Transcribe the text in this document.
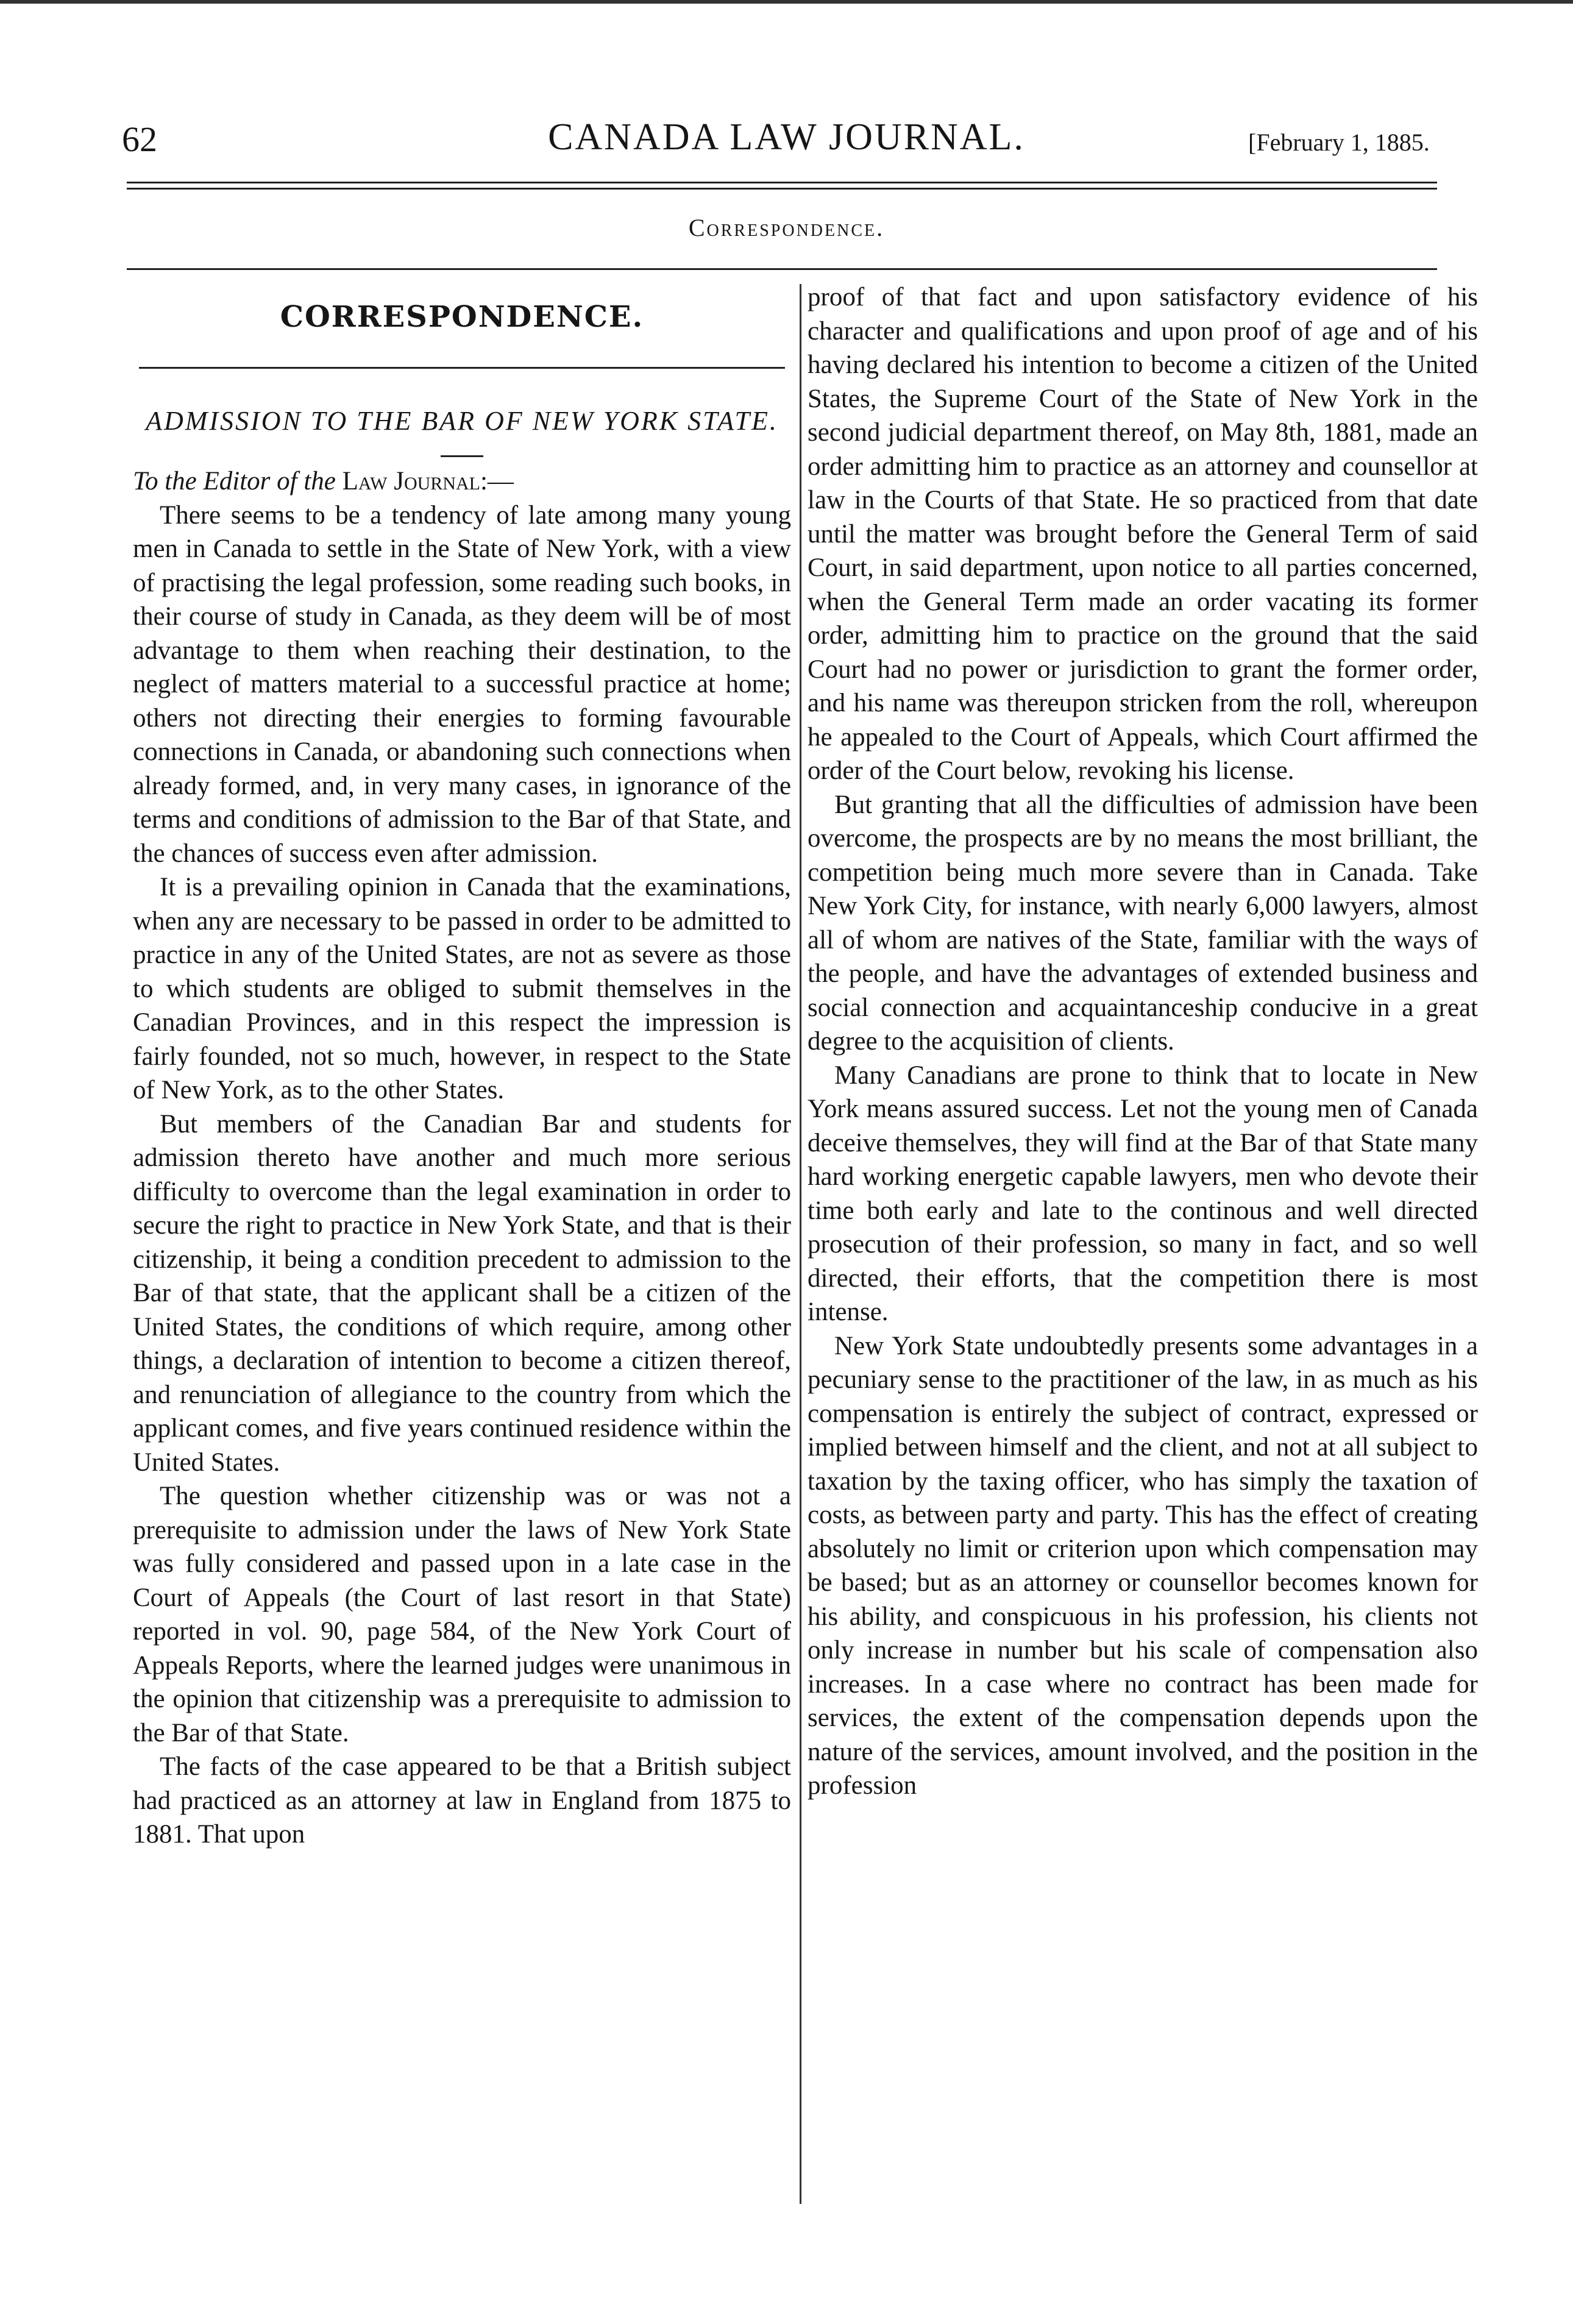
62	CANADA LAW JOURNAL.	[February 1, 1885.
Correspondence.
CORRESPONDENCE.
ADMISSION TO THE BAR OF NEW YORK STATE.

To the Editor of the Law Journal:—

There seems to be a tendency of late among many young men in Canada to settle in the State of New York, with a view of practising the legal profession, some reading such books, in their course of study in Canada, as they deem will be of most advantage to them when reaching their destination, to the neglect of matters material to a successful practice at home; others not directing their energies to forming favourable connections in Canada, or abandoning such connections when already formed, and, in very many cases, in ignorance of the terms and conditions of admission to the Bar of that State, and the chances of success even after admission.

It is a prevailing opinion in Canada that the examinations, when any are necessary to be passed in order to be admitted to practice in any of the United States, are not as severe as those to which students are obliged to submit themselves in the Canadian Provinces, and in this respect the impression is fairly founded, not so much, however, in respect to the State of New York, as to the other States.

But members of the Canadian Bar and students for admission thereto have another and much more serious difficulty to overcome than the legal examination in order to secure the right to practice in New York State, and that is their citizenship, it being a condition precedent to admission to the Bar of that state, that the applicant shall be a citizen of the United States, the conditions of which require, among other things, a declaration of intention to become a citizen thereof, and renunciation of allegiance to the country from which the applicant comes, and five years continued residence within the United States.

The question whether citizenship was or was not a prerequisite to admission under the laws of New York State was fully considered and passed upon in a late case in the Court of Appeals (the Court of last resort in that State) reported in vol. 90, page 584, of the New York Court of Appeals Reports, where the learned judges were unanimous in the opinion that citizenship was a prerequisite to admission to the Bar of that State.

The facts of the case appeared to be that a British subject had practiced as an attorney at law in England from 1875 to 1881. That upon

proof of that fact and upon satisfactory evidence of his character and qualifications and upon proof of age and of his having declared his intention to become a citizen of the United States, the Supreme Court of the State of New York in the second judicial department thereof, on May 8th, 1881, made an order admitting him to practice as an attorney and counsellor at law in the Courts of that State. He so practiced from that date until the matter was brought before the General Term of said Court, in said department, upon notice to all parties concerned, when the General Term made an order vacating its former order, admitting him to practice on the ground that the said Court had no power or jurisdiction to grant the former order, and his name was thereupon stricken from the roll, whereupon he appealed to the Court of Appeals, which Court affirmed the order of the Court below, revoking his license.

But granting that all the difficulties of admission have been overcome, the prospects are by no means the most brilliant, the competition being much more severe than in Canada. Take New York City, for instance, with nearly 6,000 lawyers, almost all of whom are natives of the State, familiar with the ways of the people, and have the advantages of extended business and social connection and acquaintanceship conducive in a great degree to the acquisition of clients.

Many Canadians are prone to think that to locate in New York means assured success. Let not the young men of Canada deceive themselves, they will find at the Bar of that State many hard working energetic capable lawyers, men who devote their time both early and late to the continous and well directed prosecution of their profession, so many in fact, and so well directed, their efforts, that the competition there is most intense.

New York State undoubtedly presents some advantages in a pecuniary sense to the practitioner of the law, in as much as his compensation is entirely the subject of contract, expressed or implied between himself and the client, and not at all subject to taxation by the taxing officer, who has simply the taxation of costs, as between party and party. This has the effect of creating absolutely no limit or criterion upon which compensation may be based; but as an attorney or counsellor becomes known for his ability, and conspicuous in his profession, his clients not only increase in number but his scale of compensation also increases. In a case where no contract has been made for services, the extent of the compensation depends upon the nature of the services, amount involved, and the position in the profession
